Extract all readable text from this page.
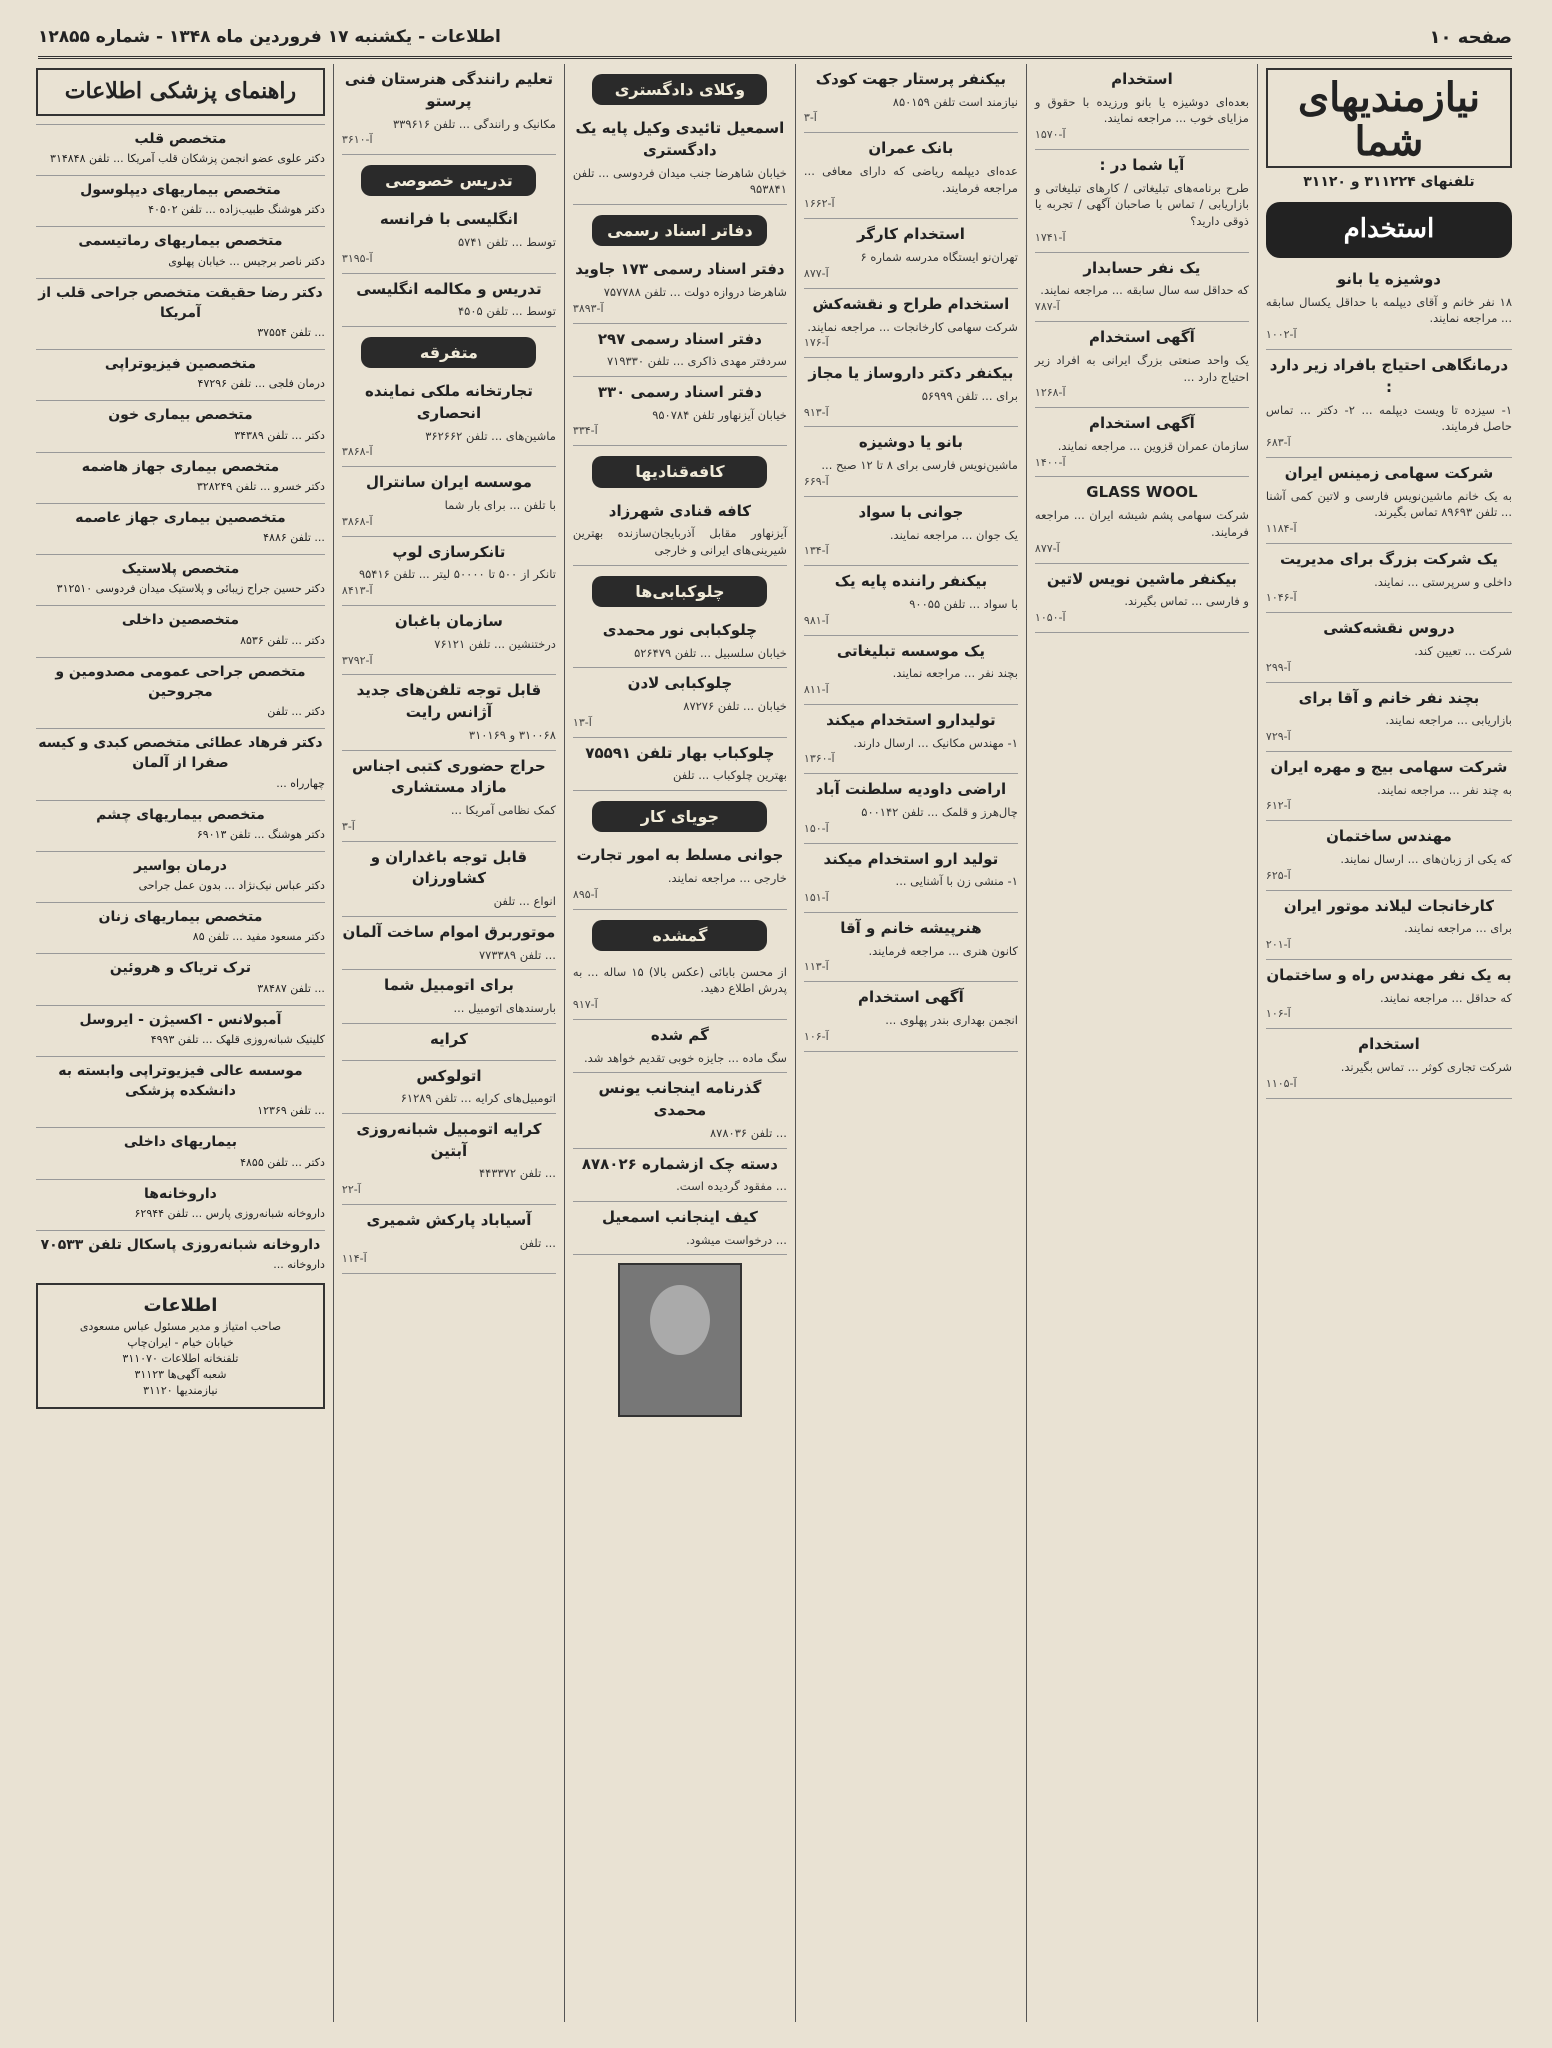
صفحه ۱۰
اطلاعات - یکشنبه ۱۷ فروردین ماه ۱۳۴۸ - شماره ۱۲۸۵۵
نیازمندیهای شما
تلفنهای ۳۱۱۲۲۴ و ۳۱۱۲۰
استخدام
دوشیزه یا بانو

۱۸ نفر خانم و آقای دیپلمه با حداقل یکسال سابقه ... مراجعه نمایند.

آ-۱۰۰۲
درمانگاهی احتیاج بافراد زیر دارد :

۱- سیزده تا ویست دیپلمه ... ۲- دکتر ... تماس حاصل فرمایند.

آ-۶۸۳
شرکت سهامی زمینس ایران

به یک خانم ماشین‌نویس فارسی و لاتین کمی آشنا ... تلفن ۸۹۶۹۳ تماس بگیرند.

آ-۱۱۸۴
یک شرکت بزرگ برای مدیریت

داخلی و سرپرستی ... نمایند.

آ-۱۰۴۶
دروس نقشه‌کشی

شرکت ... تعیین کند.

آ-۲۹۹
بچند نفر خانم و آقا برای

بازاریابی ... مراجعه نمایند.

آ-۷۲۹
شرکت سهامی بیج و مهره ایران

به چند نفر ... مراجعه نمایند.

آ-۶۱۲
مهندس ساختمان

که یکی از زبان‌های ... ارسال نمایند.

آ-۶۲۵
کارخانجات لیلاند موتور ایران

برای ... مراجعه نمایند.

آ-۲۰۱
به یک نفر مهندس راه و ساختمان

که حداقل ... مراجعه نمایند.

آ-۱۰۶
استخدام

شرکت تجاری کوثر ... تماس بگیرند.

آ-۱۱۰۵
استخدام

بعده‌ای دوشیزه یا بانو ورزیده با حقوق و مزایای خوب ... مراجعه نمایند.

آ-۱۵۷۰
آیا شما در :

طرح برنامه‌های تبلیغاتی / کارهای تبلیغاتی و بازاریابی / تماس با صاحبان آگهی / تجربه یا ذوقی دارید؟

آ-۱۷۴۱
یک نفر حسابدار

که حداقل سه سال سابقه ... مراجعه نمایند.

آ-۷۸۷
آگهی استخدام

یک واحد صنعتی بزرگ ایرانی به افراد زیر احتیاج دارد ...

آ-۱۲۶۸
آگهی استخدام

سازمان عمران قزوین ... مراجعه نمایند.

آ-۱۴۰۰
GLASS WOOL

شرکت سهامی پشم شیشه ایران ... مراجعه فرمایند.

آ-۸۷۷
بیکنفر ماشین نویس لاتین

و فارسی ... تماس بگیرند.

آ-۱۰۵۰
بیکنفر پرستار جهت کودک

نیازمند است تلفن ۸۵۰۱۵۹

آ-۳
بانک عمران

عده‌ای دیپلمه ریاضی که دارای معافی ... مراجعه فرمایند.

آ-۱۶۶۲
استخدام کارگر

تهران‌نو ایستگاه مدرسه شماره ۶

آ-۸۷۷
استخدام طراح و نقشه‌کش

شرکت سهامی کارخانجات ... مراجعه نمایند.

آ-۱۷۶
بیکنفر دکتر داروساز یا مجاز

برای ... تلفن ۵۶۹۹۹

آ-۹۱۳
بانو یا دوشیزه

ماشین‌نویس فارسی برای ۸ تا ۱۲ صبح ...

آ-۶۶۹
جوانی با سواد

یک جوان ... مراجعه نمایند.

آ-۱۳۴
بیکنفر راننده پایه یک

با سواد ... تلفن ۹۰۰۵۵

آ-۹۸۱
یک موسسه تبلیغاتی

بچند نفر ... مراجعه نمایند.

آ-۸۱۱
تولیدارو استخدام میکند

۱- مهندس مکانیک ... ارسال دارند.

آ-۱۳۶۰
اراضی داودیه سلطنت آباد

چال‌هرز و قلمک ... تلفن ۵۰۰۱۴۲

آ-۱۵۰
تولید ارو استخدام میکند

۱- منشی زن با آشنایی ...

آ-۱۵۱
هنرپیشه خانم و آقا

کانون هنری ... مراجعه فرمایند.

آ-۱۱۳
آگهی استخدام

انجمن بهداری بندر پهلوی ...

آ-۱۰۶
وکلای دادگستری
اسمعیل تائیدی وکیل پایه یک دادگستری

خیابان شاهرضا جنب میدان فردوسی ... تلفن ۹۵۳۸۴۱

دفاتر اسناد رسمی
دفتر اسناد رسمی ۱۷۳ جاوید

شاهرضا دروازه دولت ... تلفن ۷۵۷۷۸۸

آ-۳۸۹۳
دفتر اسناد رسمی ۲۹۷

سردفتر مهدی ذاکری ... تلفن ۷۱۹۳۳۰

دفتر اسناد رسمی ۳۳۰

خیابان آیزنهاور تلفن ۹۵۰۷۸۴

آ-۳۳۴
کافه‌قنادیها
کافه قنادی شهرزاد

آیزنهاور مقابل آذربایجان‌سازنده بهترین شیرینی‌های ایرانی و خارجی

چلوکبابی‌ها
چلوکبابی نور محمدی

خیابان سلسبیل ... تلفن ۵۲۶۴۷۹

چلوکبابی لادن

خیابان ... تلفن ۸۷۲۷۶

آ-۱۳
چلوکباب بهار تلفن ۷۵۵۹۱

بهترین چلوکباب ... تلفن

جویای کار
جوانی مسلط به امور تجارت

خارجی ... مراجعه نمایند.

آ-۸۹۵
گمشده

از محسن بابائی (عکس بالا) ۱۵ ساله ... به پدرش اطلاع دهید.

آ-۹۱۷
گم شده

سگ ماده ... جایزه خوبی تقدیم خواهد شد.

گذرنامه اینجانب یونس محمدی

... تلفن ۸۷۸۰۳۶

دسته چک ازشماره ۸۷۸۰۲۶

... مفقود گردیده است.

کیف اینجانب اسمعیل

... درخواست میشود.

تعلیم رانندگی هنرستان فنی پرستو

مکانیک و رانندگی ... تلفن ۳۳۹۶۱۶

آ-۳۶۱۰
تدریس خصوصی
انگلیسی با فرانسه

توسط ... تلفن ۵۷۴۱

آ-۳۱۹۵
تدریس و مکالمه انگلیسی

توسط ... تلفن ۴۵۰۵

متفرقه
تجارتخانه ملکی نماینده انحصاری

ماشین‌های ... تلفن ۳۶۲۶۶۲

آ-۳۸۶۸
موسسه ایران سانترال

با تلفن ... برای بار شما

آ-۳۸۶۸
تانکرسازی لوپ

تانکر از ۵۰۰ تا ۵۰۰۰۰ لیتر ... تلفن ۹۵۴۱۶

آ-۸۴۱۳
سازمان باغبان

درختنشین ... تلفن ۷۶۱۲۱

آ-۳۷۹۲
قابل توجه تلفن‌های جدید آژانس رایت

۳۱۰۰۶۸ و ۳۱۰۱۶۹

حراج حضوری کتبی اجناس مازاد مستشاری

کمک نظامی آمریکا ...

آ-۳
قابل توجه باغداران و کشاورزان

انواع ... تلفن

موتوربرق اموام ساخت آلمان

... تلفن ۷۷۳۳۸۹

برای اتومبیل شما

بارسند‌های اتومبیل ...

کرایه
اتولوکس

اتومبیل‌های کرایه ... تلفن ۶۱۲۸۹

کرایه اتومبیل شبانه‌روزی آبتین

... تلفن ۴۴۳۳۷۲

آ-۲۲
آسیاباد پارکش شمیری

... تلفن

آ-۱۱۴
راهنمای پزشکی اطلاعات
متخصص قلب

دکتر علوی عضو انجمن پزشکان قلب آمریکا ... تلفن ۳۱۴۸۴۸

متخصص بیماریهای دیپلوسول

دکتر هوشنگ طبیب‌زاده ... تلفن ۴۰۵۰۲

متخصص بیماریهای رماتیسمی

دکتر ناصر برجیس ... خیابان پهلوی

دکتر رضا حقیقت متخصص جراحی قلب از آمریکا

... تلفن ۳۷۵۵۴

متخصصین فیزیوتراپی

درمان فلجی ... تلفن ۴۷۲۹۶

متخصص بیماری خون

دکتر ... تلفن ۳۴۳۸۹

متخصص بیماری جهاز هاضمه

دکتر خسرو ... تلفن ۳۲۸۲۴۹

متخصصین بیماری جهاز عاصمه

... تلفن ۴۸۸۶

متخصص پلاستیک

دکتر حسین جراح زیبائی و پلاستیک میدان فردوسی ۳۱۲۵۱۰

متخصصین داخلی

دکتر ... تلفن ۸۵۳۶

متخصص جراحی عمومی مصدومین و مجروحین

دکتر ... تلفن

دکتر فرهاد عطائی متخصص کبدی و کیسه صفرا از آلمان

چهارراه ...

متخصص بیماریهای چشم

دکتر هوشنگ ... تلفن ۶۹۰۱۳

درمان بواسیر

دکتر عباس نیک‌نژاد ... بدون عمل جراحی

متخصص بیماریهای زنان

دکتر مسعود مفید ... تلفن ۸۵

ترک تریاک و هروئین

... تلفن ۳۸۴۸۷

آمبولانس - اکسیژن - ایروسل

کلینیک شبانه‌روزی قلهک ... تلفن ۴۹۹۳

موسسه عالی فیزیوتراپی وابسته به دانشکده پزشکی

... تلفن ۱۲۳۶۹

بیماریهای داخلی

دکتر ... تلفن ۴۸۵۵

داروخانه‌ها

داروخانه شبانه‌روزی پارس ... تلفن ۶۲۹۴۴

داروخانه شبانه‌روزی پاسکال تلفن ۷۰۵۳۳

داروخانه ...

اطلاعات
صاحب امتیاز و مدیر مسئول عباس مسعودی
خیابان خیام - ایران‌چاپ
تلفنخانه اطلاعات ۳۱۱۰۷۰
شعبه آگهی‌ها ۳۱۱۲۳
نیازمندیها ۳۱۱۲۰
